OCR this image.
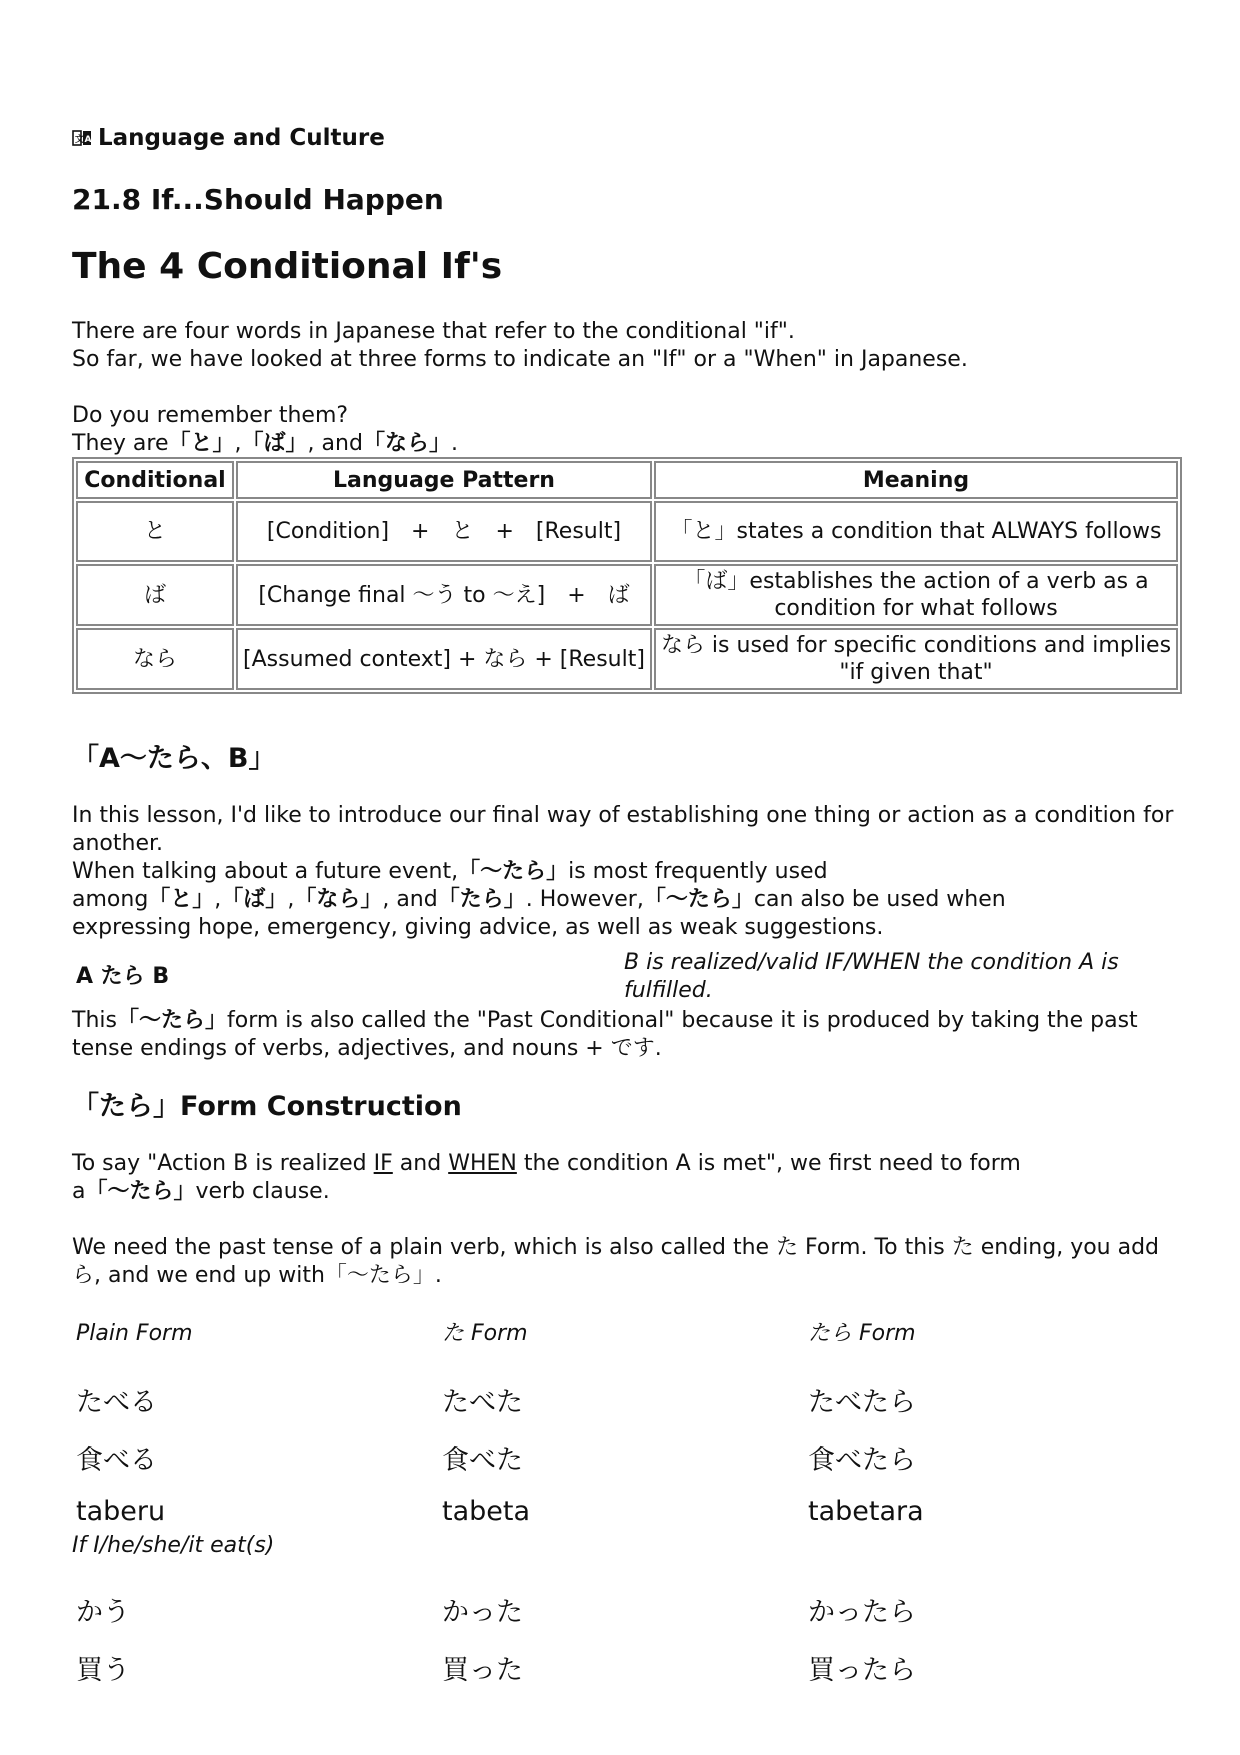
文 A Language and Culture
21.8 If...Should Happen
The 4 Conditional If's

There are four words in Japanese that refer to the conditional "if".

So far, we have looked at three forms to indicate an "If" or a "When" in Japanese.

Do you remember them?

They are「と」,「ば」, and「なら」.

Conditional	Language Pattern	Meaning
と	[Condition]　+　と　+　[Result]	「と」states a condition that ALWAYS follows
ば	[Change final ～う to ～え]　+　ば	「ば」establishes the action of a verb as a condition for what follows
なら	[Assumed context] + なら + [Result]	なら is used for specific conditions and implies "if given that"
「A～たら、B」

In this lesson, I'd like to introduce our final way of establishing one thing or action as a condition for another.

When talking about a future event,「～たら」is most frequently used

among「と」,「ば」,「なら」, and「たら」. However,「～たら」can also be used when

expressing hope, emergency, giving advice, as well as weak suggestions.

A たら B
B is realized/valid IF/WHEN the condition A is fulfilled.

This「～たら」form is also called the "Past Conditional" because it is produced by taking the past tense endings of verbs, adjectives, and nouns + です.

「たら」Form Construction

To say "Action B is realized IF and WHEN the condition A is met", we first need to form

a「～たら」verb clause.

We need the past tense of a plain verb, which is also called the た Form. To this た ending, you add ら, and we end up with「～たら」.

Plain Form	た Form	たら Form
たべる	たべた	たべたら
食べる	食べた	食べたら
taberu	tabeta	tabetara
If I/he/she/it eat(s)
かう	かった	かったら
買う	買った	買ったら
